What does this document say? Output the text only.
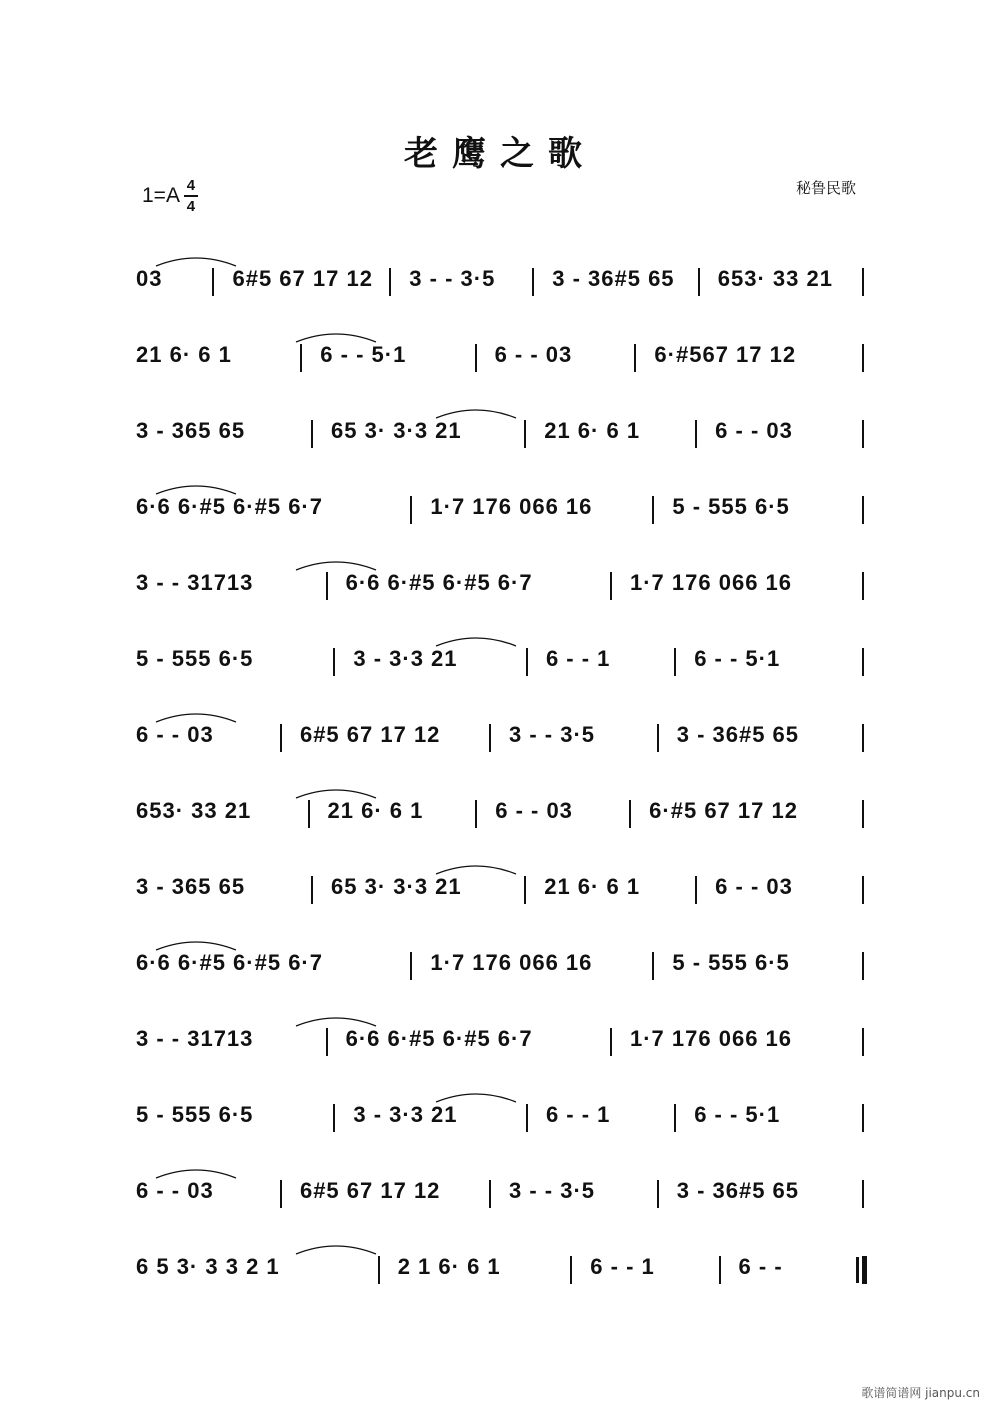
老鹰之歌
$1=A \frac{4}{4}$	秘鲁民歌
03	6#5 67 17 12	3 - - 3·5	3 - 36#5 65	653· 33 21
21 6· 6 1	6 - - 5·1	6 - - 03	6·#567 17 12
3 - 365 65	65 3· 3·3 21	21 6· 6 1	6 - - 03
6·6 6·#5 6·#5 6·7	1·7 176 066 16	5 - 555 6·5
3 - - 31713	6·6 6·#5 6·#5 6·7	1·7 176 066 16
5 - 555 6·5	3 - 3·3 21	6 - - 1	6 - - 5·1
6 - - 03	6#5 67 17 12	3 - - 3·5	3 - 36#5 65
653· 33 21	21 6· 6 1	6 - - 03	6·#5 67 17 12
3 - 365 65	65 3· 3·3 21	21 6· 6 1	6 - - 03
6·6 6·#5 6·#5 6·7	1·7 176 066 16	5 - 555 6·5
3 - - 31713	6·6 6·#5 6·#5 6·7	1·7 176 066 16
5 - 555 6·5	3 - 3·3 21	6 - - 1	6 - - 5·1
6 - - 03	6#5 67 17 12	3 - - 3·5	3 - 36#5 65
6 5 3· 3 3 2 1	2 1 6· 6 1	6 - - 1	6 - -
歌谱简谱网 jianpu.cn
